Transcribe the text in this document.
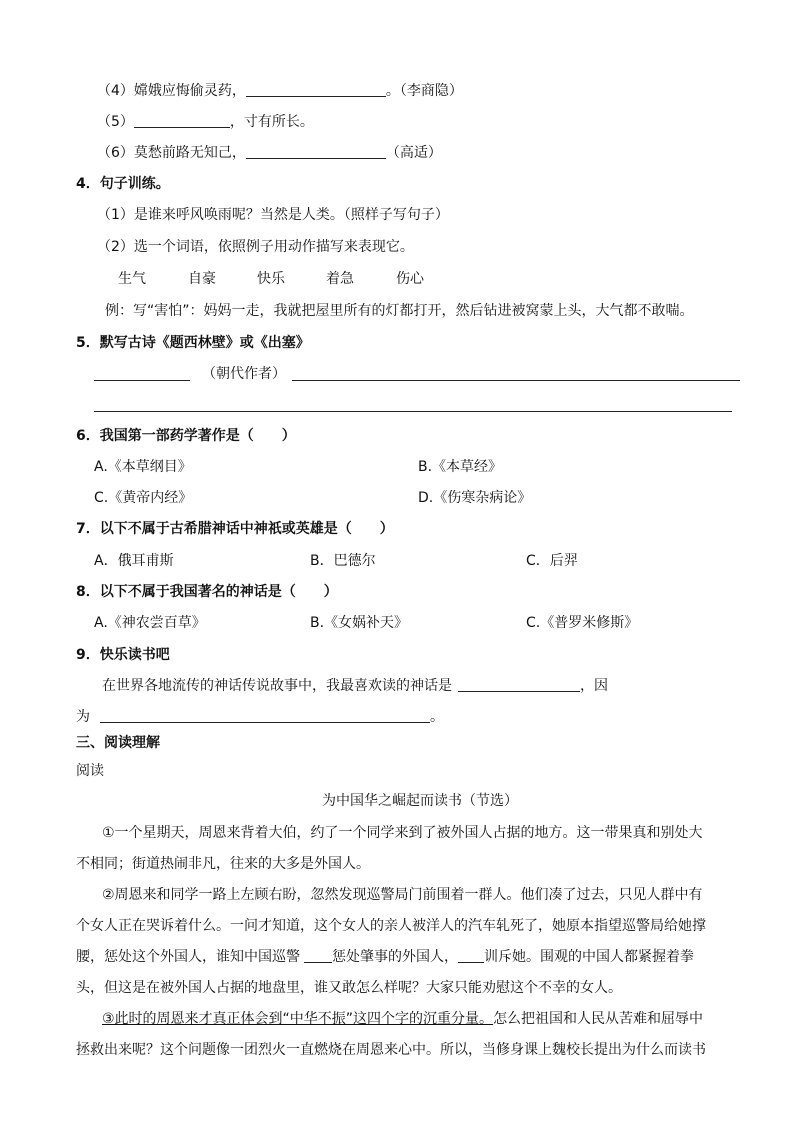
（4）嫦娥应悔偷灵药，	。（李商隐）
（5）	，寸有所长。
（6）莫愁前路无知己，	（高适）
4．句子训练。
（1）是谁来呼风唤雨呢？当然是人类。（照样子写句子）
（2）选一个词语，依照例子用动作描写来表现它。
生气	自豪	快乐	着急	伤心
例：写“害怕”：妈妈一走，我就把屋里所有的灯都打开，然后钻进被窝蒙上头，大气都不敢喘。
5．默写古诗《题西林壁》或《出塞》
（朝代作者）
6．我国第一部药学著作是（　　）
A.《本草纲目》	B.《本草经》
C.《黄帝内经》	D.《伤寒杂病论》
7．以下不属于古希腊神话中神祇或英雄是（　　）
A．俄耳甫斯	B．巴德尔	C．后羿
8．以下不属于我国著名的神话是（　　）
A.《神农尝百草》	B.《女娲补天》	C.《普罗米修斯》
9．快乐读书吧
在世界各地流传的神话传说故事中，我最喜欢读的神话是	，因
为	。
三、阅读理解
阅读
为中国华之崛起而读书（节选）
①一个星期天，周恩来背着大伯，约了一个同学来到了被外国人占据的地方。这一带果真和别处大
不相同；街道热闹非凡，往来的大多是外国人。
②周恩来和同学一路上左顾右盼，忽然发现巡警局门前围着一群人。他们凑了过去，只见人群中有
个女人正在哭诉着什么。一问才知道，这个女人的亲人被洋人的汽车轧死了，她原本指望巡警局给她撑
腰，惩处这个外国人，谁知中国巡警 惩处肇事的外国人， 训斥她。围观的中国人都紧握着拳
头，但这是在被外国人占据的地盘里，谁又敢怎么样呢？大家只能劝慰这个不幸的女人。
③此时的周恩来才真正体会到“中华不振”这四个字的沉重分量。怎么把祖国和人民从苦难和屈辱中
拯救出来呢？这个问题像一团烈火一直燃烧在周恩来心中。所以，当修身课上魏校长提出为什么而读书
